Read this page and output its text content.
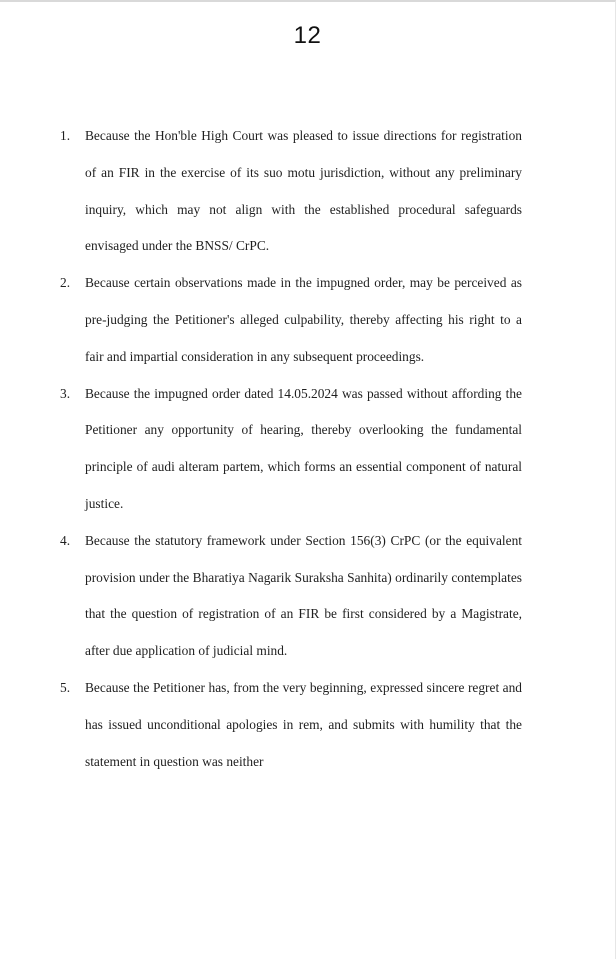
12
1.	Because the Hon'ble High Court was pleased to issue directions for registration of an FIR in the exercise of its suo motu jurisdiction, without any preliminary inquiry, which may not align with the established procedural safeguards envisaged under the BNSS/ CrPC.
2.	Because certain observations made in the impugned order, may be perceived as pre-judging the Petitioner's alleged culpability, thereby affecting his right to a fair and impartial consideration in any subsequent proceedings.
3.	Because the impugned order dated 14.05.2024 was passed without affording the Petitioner any opportunity of hearing, thereby overlooking the fundamental principle of audi alteram partem, which forms an essential component of natural justice.
4.	Because the statutory framework under Section 156(3) CrPC (or the equivalent provision under the Bharatiya Nagarik Suraksha Sanhita) ordinarily contemplates that the question of registration of an FIR be first considered by a Magistrate, after due application of judicial mind.
5.	Because the Petitioner has, from the very beginning, expressed sincere regret and has issued unconditional apologies in rem, and submits with humility that the statement in question was neither
